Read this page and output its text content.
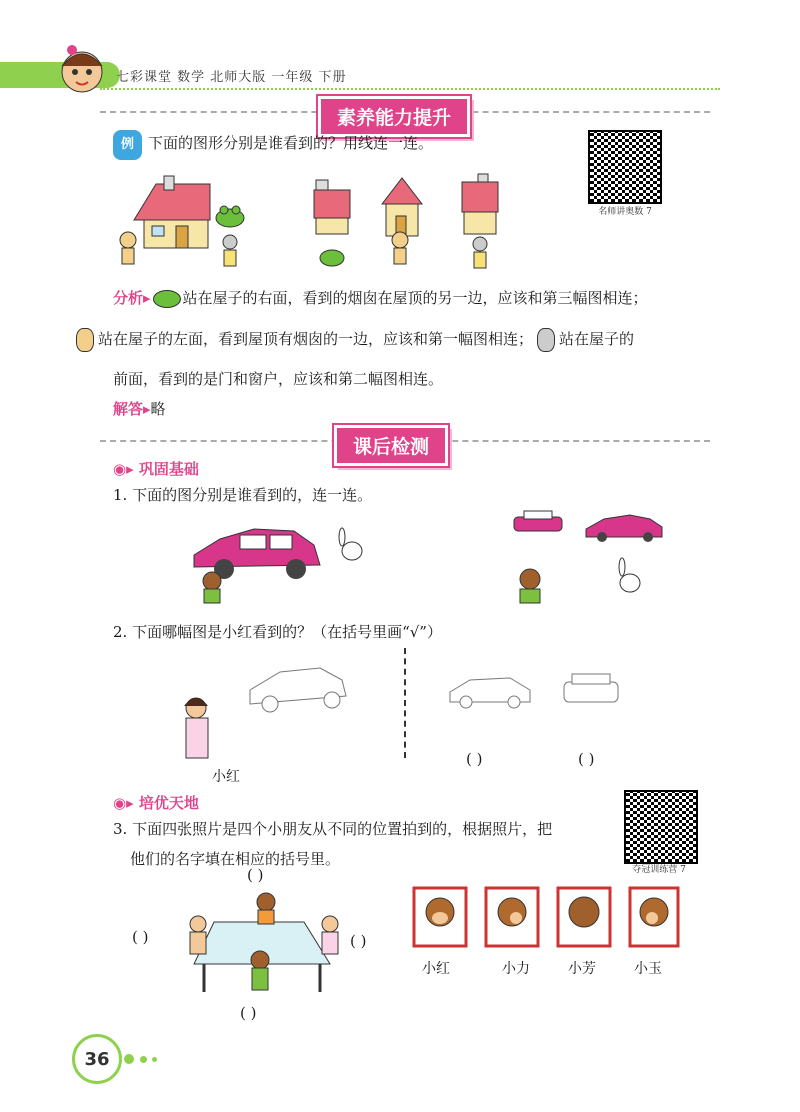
七彩课堂 数学 北师大版 一年级 下册
素养能力提升
例 下面的图形分别是谁看到的？用线连一连。
名师讲奥数 7
分析▸ 站在屋子的右面，看到的烟囱在屋顶的另一边，应该和第三幅图相连；
站在屋子的左面，看到屋顶有烟囱的一边，应该和第一幅图相连； 站在屋子的
前面，看到的是门和窗户，应该和第二幅图相连。
解答▸略
课后检测
◉▸ 巩固基础
1. 下面的图分别是谁看到的，连一连。
2. 下面哪幅图是小红看到的？（在括号里画“√”）
小红
( )	( )
◉▸ 培优天地
夺冠训练营 7
3. 下面四张照片是四个小朋友从不同的位置拍到的，根据照片，把
他们的名字填在相应的括号里。
( )
( )	( )
( )
小红	小力	小芳	小玉
36
